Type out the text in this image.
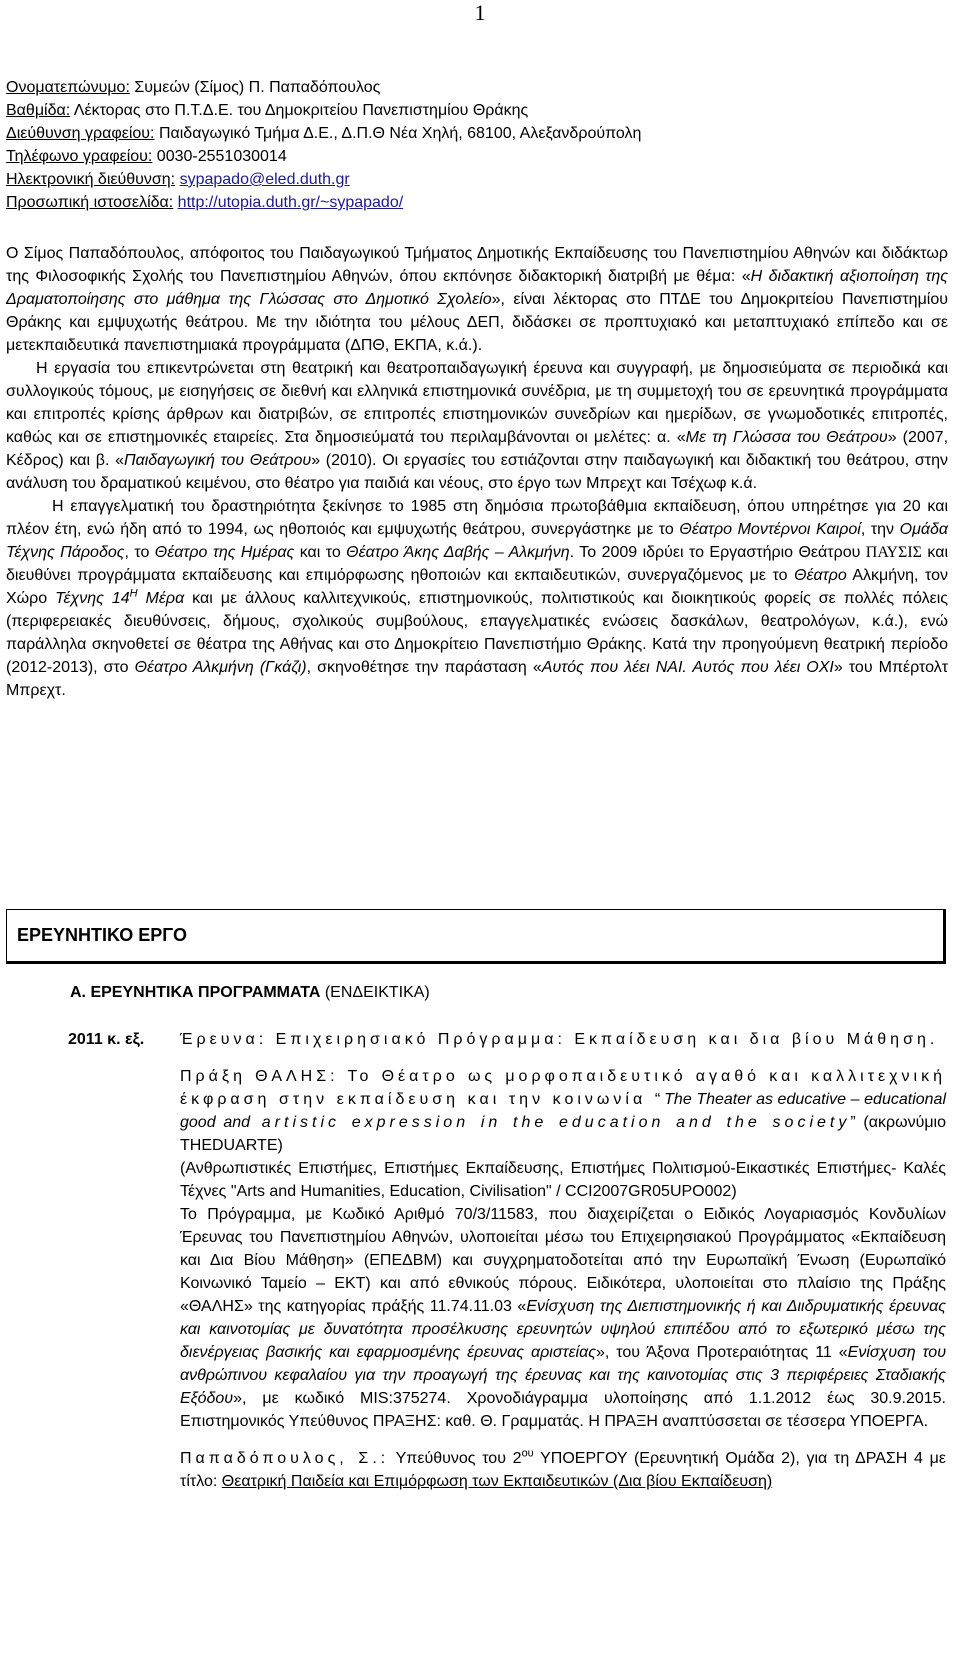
1
Ονοματεπώνυμο: Συμεών (Σίμος) Π. Παπαδόπουλος
Βαθμίδα: Λέκτορας στο Π.Τ.Δ.Ε. του Δημοκριτείου Πανεπιστημίου Θράκης
Διεύθυνση γραφείου: Παιδαγωγικό Τμήμα Δ.Ε., Δ.Π.Θ Νέα Χηλή, 68100, Αλεξανδρούπολη
Τηλέφωνο γραφείου: 0030-2551030014
Ηλεκτρονική διεύθυνση: sypapado@eled.duth.gr
Προσωπική ιστοσελίδα: http://utopia.duth.gr/~sypapado/

Ο Σίμος Παπαδόπουλος, απόφοιτος του Παιδαγωγικού Τμήματος Δημοτικής Εκπαίδευσης του Πανεπιστημίου Αθηνών και διδάκτωρ της Φιλοσοφικής Σχολής του Πανεπιστημίου Αθηνών, όπου εκπόνησε διδακτορική διατριβή με θέμα: «Η διδακτική αξιοποίηση της Δραματοποίησης στο μάθημα της Γλώσσας στο Δημοτικό Σχολείο», είναι λέκτορας στο ΠΤΔΕ του Δημοκριτείου Πανεπιστημίου Θράκης και εμψυχωτής θεάτρου. Με την ιδιότητα του μέλους ΔΕΠ, διδάσκει σε προπτυχιακό και μεταπτυχιακό επίπεδο και σε μετεκπαιδευτικά πανεπιστημιακά προγράμματα (ΔΠΘ, ΕΚΠΑ, κ.ά.).

Η εργασία του επικεντρώνεται στη θεατρική και θεατροπαιδαγωγική έρευνα και συγγραφή, με δημοσιεύματα σε περιοδικά και συλλογικούς τόμους, με εισηγήσεις σε διεθνή και ελληνικά επιστημονικά συνέδρια, με τη συμμετοχή του σε ερευνητικά προγράμματα και επιτροπές κρίσης άρθρων και διατριβών, σε επιτροπές επιστημονικών συνεδρίων και ημερίδων, σε γνωμοδοτικές επιτροπές, καθώς και σε επιστημονικές εταιρείες. Στα δημοσιεύματά του περιλαμβάνονται οι μελέτες: α. «Με τη Γλώσσα του Θεάτρου» (2007, Κέδρος) και β. «Παιδαγωγική του Θεάτρου» (2010). Οι εργασίες του εστιάζονται στην παιδαγωγική και διδακτική του θεάτρου, στην ανάλυση του δραματικού κειμένου, στο θέατρο για παιδιά και νέους, στο έργο των Μπρεχτ και Τσέχωφ κ.ά.

Η επαγγελματική του δραστηριότητα ξεκίνησε το 1985 στη δημόσια πρωτοβάθμια εκπαίδευση, όπου υπηρέτησε για 20 και πλέον έτη, ενώ ήδη από το 1994, ως ηθοποιός και εμψυχωτής θεάτρου, συνεργάστηκε με το Θέατρο Μοντέρνοι Καιροί, την Ομάδα Τέχνης Πάροδος, το Θέατρο της Ημέρας και το Θέατρο Άκης Δαβής – Αλκμήνη. Το 2009 ιδρύει το Εργαστήριο Θεάτρου ΠΑΥΣΙΣ και διευθύνει προγράμματα εκπαίδευσης και επιμόρφωσης ηθοποιών και εκπαιδευτικών, συνεργαζόμενος με το Θέατρο Αλκμήνη, τον Χώρο Τέχνης $14^H$ Μέρα και με άλλους καλλιτεχνικούς, επιστημονικούς, πολιτιστικούς και διοικητικούς φορείς σε πολλές πόλεις (περιφερειακές διευθύνσεις, δήμους, σχολικούς συμβούλους, επαγγελματικές ενώσεις δασκάλων, θεατρολόγων, κ.ά.), ενώ παράλληλα σκηνοθετεί σε θέατρα της Αθήνας και στο Δημοκρίτειο Πανεπιστήμιο Θράκης. Κατά την προηγούμενη θεατρική περίοδο (2012-2013), στο Θέατρο Αλκμήνη (Γκάζι), σκηνοθέτησε την παράσταση «Αυτός που λέει ΝΑΙ. Αυτός που λέει ΟΧΙ» του Μπέρτολτ Μπρεχτ.

ΕΡΕΥΝΗΤΙΚΟ ΕΡΓΟ
Α. ΕΡΕΥΝΗΤΙΚΑ ΠΡΟΓΡΑΜΜΑΤΑ (ΕΝΔΕΙΚΤΙΚΑ)
2011 κ. εξ.	Έρευνα: Επιχειρησιακό Πρόγραμμα: Εκπαίδευση και δια βίου Μάθηση.

Πράξη ΘΑΛΗΣ: Το Θέατρο ως μορφοπαιδευτικό αγαθό και καλλιτεχνική έκφραση στην εκπαίδευση και την κοινωνία “The Theater as educative – educational good and artistic expression in the education and the society” (ακρωνύμιο THEDUARTE)

(Ανθρωπιστικές Επιστήμες, Επιστήμες Εκπαίδευσης, Επιστήμες Πολιτισμού-Εικαστικές Επιστήμες- Καλές Τέχνες "Arts and Humanities, Education, Civilisation" / CCI2007GR05UPO002)

Το Πρόγραμμα, με Κωδικό Αριθμό 70/3/11583, που διαχειρίζεται ο Ειδικός Λογαριασμός Κονδυλίων Έρευνας του Πανεπιστημίου Αθηνών, υλοποιείται μέσω του Επιχειρησιακού Προγράμματος «Εκπαίδευση και Δια Βίου Μάθηση» (ΕΠΕΔΒΜ) και συγχρηματοδοτείται από την Ευρωπαϊκή Ένωση (Ευρωπαϊκό Κοινωνικό Ταμείο – ΕΚΤ) και από εθνικούς πόρους. Ειδικότερα, υλοποιείται στο πλαίσιο της Πράξης «ΘΑΛΗΣ» της κατηγορίας πράξής 11.74.11.03 «Ενίσχυση της Διεπιστημονικής ή και Διιδρυματικής έρευνας και καινοτομίας με δυνατότητα προσέλκυσης ερευνητών υψηλού επιπέδου από το εξωτερικό μέσω της διενέργειας βασικής και εφαρμοσμένης έρευνας αριστείας», του Άξονα Προτεραιότητας 11 «Ενίσχυση του ανθρώπινου κεφαλαίου για την προαγωγή της έρευνας και της καινοτομίας στις 3 περιφέρειες Σταδιακής Εξόδου», με κωδικό MIS:375274. Χρονοδιάγραμμα υλοποίησης από 1.1.2012 έως 30.9.2015. Επιστημονικός Υπεύθυνος ΠΡΑΞΗΣ: καθ. Θ. Γραμματάς. Η ΠΡΑΞΗ αναπτύσσεται σε τέσσερα ΥΠΟΕΡΓΑ.

Παπαδόπουλος, Σ.: Υπεύθυνος του $2^{o\upsilon}$ ΥΠΟΕΡΓΟΥ (Ερευνητική Ομάδα 2), για τη ΔΡΑΣΗ 4 με τίτλο: Θεατρική Παιδεία και Επιμόρφωση των Εκπαιδευτικών (Δια βίου Εκπαίδευση)
